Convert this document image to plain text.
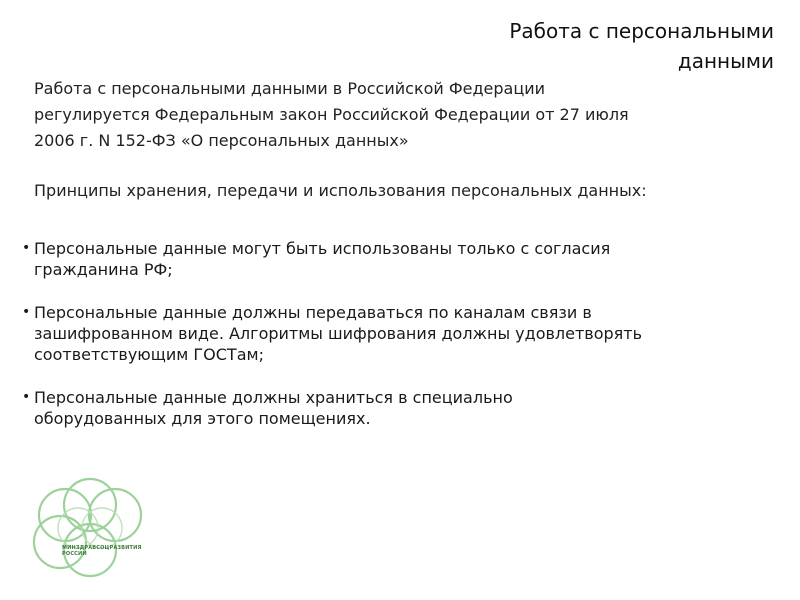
Работа с персональными
данными
Работа с персональными данными в Российской Федерации
регулируется Федеральным закон Российской Федерации от 27 июля
2006 г. N 152-ФЗ «О персональных данных»
Принципы хранения, передачи и использования персональных данных:
• Персональные данные могут быть использованы только с согласия
гражданина РФ;
• Персональные данные должны передаваться по каналам связи в
зашифрованном виде. Алгоритмы шифрования должны удовлетворять
соответствующим ГОСТам;
• Персональные данные должны храниться в специально
оборудованных для этого помещениях.
МИНЗДРАВСОЦРАЗВИТИЯ
РОССИИ
